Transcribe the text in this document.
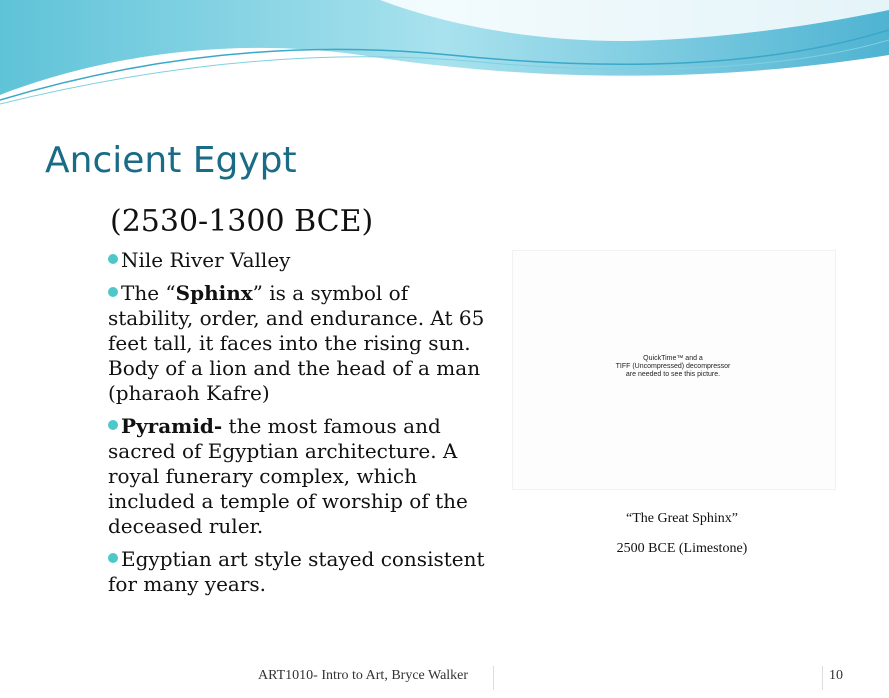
Ancient Egypt
(2530-1300 BCE)
Nile River Valley
The “Sphinx” is a symbol of stability, order, and endurance. At 65 feet tall, it faces into the rising sun. Body of a lion and the head of a man (pharaoh Kafre)
Pyramid- the most famous and sacred of Egyptian architecture. A royal funerary complex, which included a temple of worship of the deceased ruler.
Egyptian art style stayed consistent for many years.
QuickTime™ and a
TIFF (Uncompressed) decompressor
are needed to see this picture.
“The Great Sphinx”
2500 BCE (Limestone)
ART1010- Intro to Art, Bryce Walker	10
